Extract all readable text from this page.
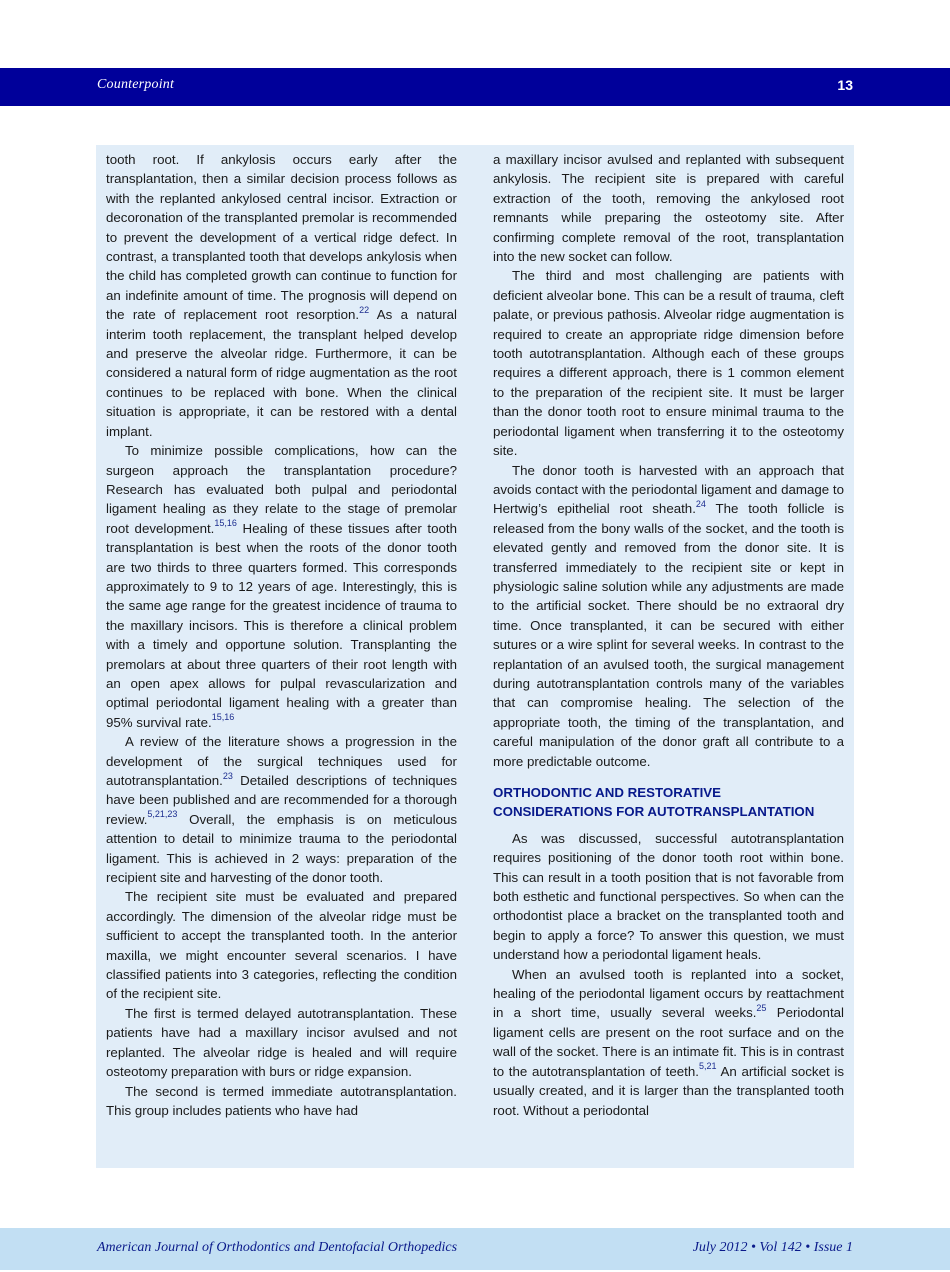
Counterpoint	13

tooth root. If ankylosis occurs early after the transplantation, then a similar decision process follows as with the replanted ankylosed central incisor. Extraction or decoronation of the transplanted premolar is recommended to prevent the development of a vertical ridge defect. In contrast, a transplanted tooth that develops ankylosis when the child has completed growth can continue to function for an indefinite amount of time. The prognosis will depend on the rate of replacement root resorption.$^{22}$ As a natural interim tooth replacement, the transplant helped develop and preserve the alveolar ridge. Furthermore, it can be considered a natural form of ridge augmentation as the root continues to be replaced with bone. When the clinical situation is appropriate, it can be restored with a dental implant.

To minimize possible complications, how can the surgeon approach the transplantation procedure? Research has evaluated both pulpal and periodontal ligament healing as they relate to the stage of premolar root development.$^{15,16}$ Healing of these tissues after tooth transplantation is best when the roots of the donor tooth are two thirds to three quarters formed. This corresponds approximately to 9 to 12 years of age. Interestingly, this is the same age range for the greatest incidence of trauma to the maxillary incisors. This is therefore a clinical problem with a timely and opportune solution. Transplanting the premolars at about three quarters of their root length with an open apex allows for pulpal revascularization and optimal periodontal ligament healing with a greater than 95% survival rate.$^{15,16}$

A review of the literature shows a progression in the development of the surgical techniques used for autotransplantation.$^{23}$ Detailed descriptions of techniques have been published and are recommended for a thorough review.$^{5,21,23}$ Overall, the emphasis is on meticulous attention to detail to minimize trauma to the periodontal ligament. This is achieved in 2 ways: preparation of the recipient site and harvesting of the donor tooth.

The recipient site must be evaluated and prepared accordingly. The dimension of the alveolar ridge must be sufficient to accept the transplanted tooth. In the anterior maxilla, we might encounter several scenarios. I have classified patients into 3 categories, reflecting the condition of the recipient site.

The first is termed delayed autotransplantation. These patients have had a maxillary incisor avulsed and not replanted. The alveolar ridge is healed and will require osteotomy preparation with burs or ridge expansion.

The second is termed immediate autotransplantation. This group includes patients who have had

a maxillary incisor avulsed and replanted with subsequent ankylosis. The recipient site is prepared with careful extraction of the tooth, removing the ankylosed root remnants while preparing the osteotomy site. After confirming complete removal of the root, transplantation into the new socket can follow.

The third and most challenging are patients with deficient alveolar bone. This can be a result of trauma, cleft palate, or previous pathosis. Alveolar ridge augmentation is required to create an appropriate ridge dimension before tooth autotransplantation. Although each of these groups requires a different approach, there is 1 common element to the preparation of the recipient site. It must be larger than the donor tooth root to ensure minimal trauma to the periodontal ligament when transferring it to the osteotomy site.

The donor tooth is harvested with an approach that avoids contact with the periodontal ligament and damage to Hertwig’s epithelial root sheath.$^{24}$ The tooth follicle is released from the bony walls of the socket, and the tooth is elevated gently and removed from the donor site. It is transferred immediately to the recipient site or kept in physiologic saline solution while any adjustments are made to the artificial socket. There should be no extraoral dry time. Once transplanted, it can be secured with either sutures or a wire splint for several weeks. In contrast to the replantation of an avulsed tooth, the surgical management during autotransplantation controls many of the variables that can compromise healing. The selection of the appropriate tooth, the timing of the transplantation, and careful manipulation of the donor graft all contribute to a more predictable outcome.

ORTHODONTIC AND RESTORATIVE
CONSIDERATIONS FOR AUTOTRANSPLANTATION

As was discussed, successful autotransplantation requires positioning of the donor tooth root within bone. This can result in a tooth position that is not favorable from both esthetic and functional perspectives. So when can the orthodontist place a bracket on the transplanted tooth and begin to apply a force? To answer this question, we must understand how a periodontal ligament heals.

When an avulsed tooth is replanted into a socket, healing of the periodontal ligament occurs by reattachment in a short time, usually several weeks.$^{25}$ Periodontal ligament cells are present on the root surface and on the wall of the socket. There is an intimate fit. This is in contrast to the autotransplantation of teeth.$^{5,21}$ An artificial socket is usually created, and it is larger than the transplanted tooth root. Without a periodontal

American Journal of Orthodontics and Dentofacial Orthopedics	July 2012 • Vol 142 • Issue 1
